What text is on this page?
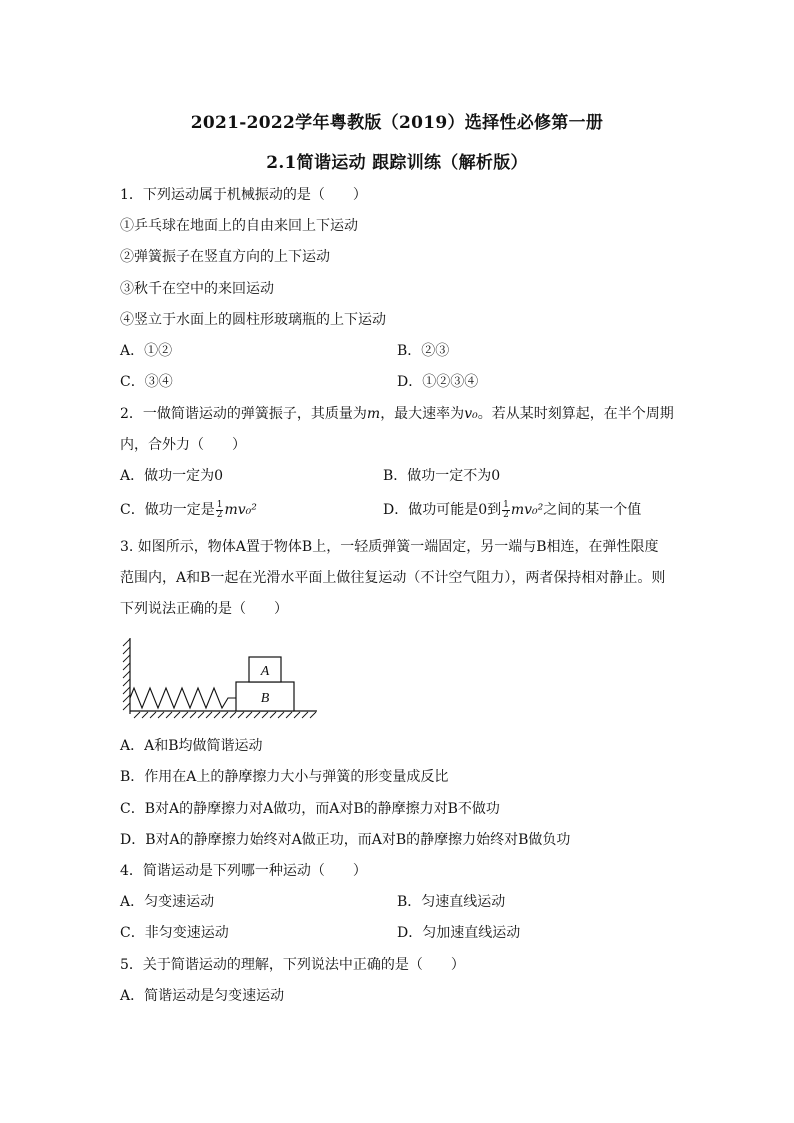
2021-2022学年粤教版（2019）选择性必修第一册
2.1简谐运动 跟踪训练（解析版）
1．下列运动属于机械振动的是（　　）
①乒乓球在地面上的自由来回上下运动
②弹簧振子在竖直方向的上下运动
③秋千在空中的来回运动
④竖立于水面上的圆柱形玻璃瓶的上下运动
A．①②	B．②③
C．③④	D．①②③④
2．一做简谐运动的弹簧振子，其质量为m，最大速率为v₀。若从某时刻算起，在半个周期
内，合外力（　　）
A．做功一定为0	B．做功一定不为0
C．做功一定是 $\frac{1}{2} mv_0^2$	D．做功可能是0到 $\frac{1}{2} mv_0^2$之间的某一个值
3. 如图所示，物体A置于物体B上，一轻质弹簧一端固定，另一端与B相连，在弹性限度
范围内，A和B一起在光滑水平面上做往复运动（不计空气阻力），两者保持相对静止。则
下列说法正确的是（　　）
B
A
A．A和B均做简谐运动
B．作用在A上的静摩擦力大小与弹簧的形变量成反比
C．B对A的静摩擦力对A做功，而A对B的静摩擦力对B不做功
D．B对A的静摩擦力始终对A做正功，而A对B的静摩擦力始终对B做负功
4．简谐运动是下列哪一种运动（　　）
A．匀变速运动	B．匀速直线运动
C．非匀变速运动	D．匀加速直线运动
5．关于简谐运动的理解，下列说法中正确的是（　　）
A．简谐运动是匀变速运动
